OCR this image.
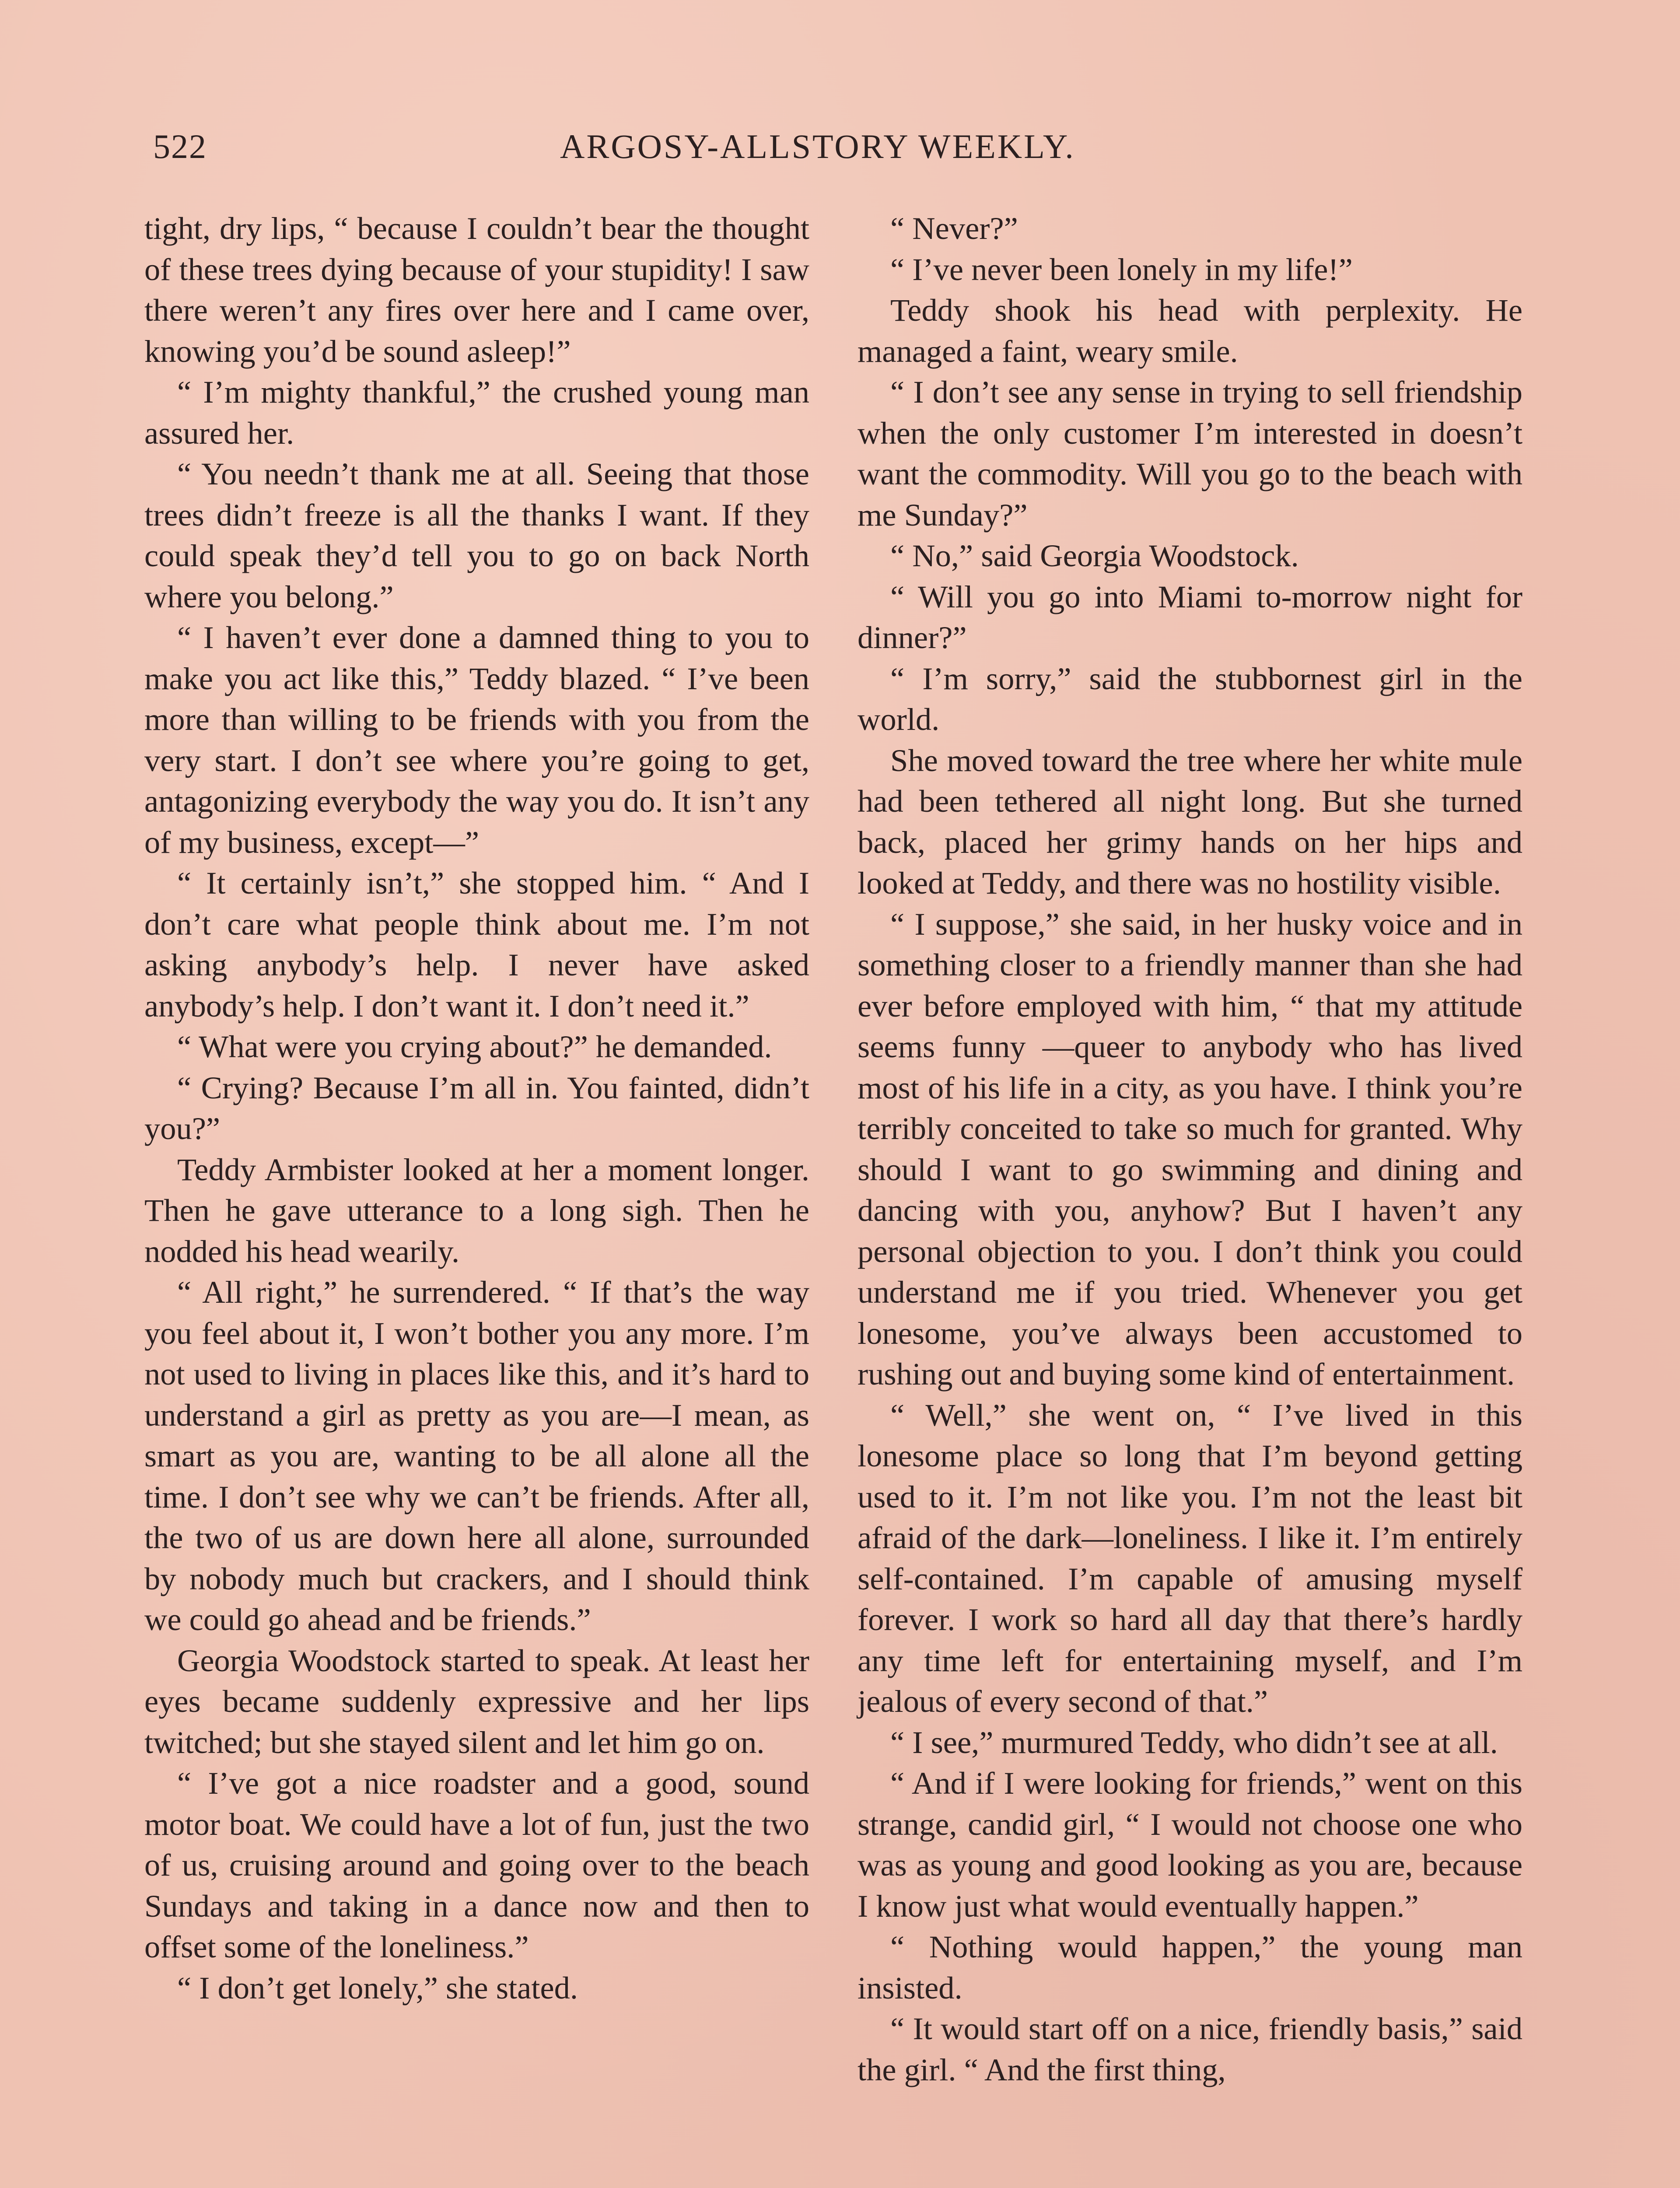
522	ARGOSY-ALLSTORY WEEKLY.

tight, dry lips, “ because I couldn’t bear the thought of these trees dying because of your stupidity! I saw there weren’t any fires over here and I came over, knowing you’d be sound asleep!”

“ I’m mighty thankful,” the crushed young man assured her.

“ You needn’t thank me at all. Seeing that those trees didn’t freeze is all the thanks I want. If they could speak they’d tell you to go on back North where you belong.”

“ I haven’t ever done a damned thing to you to make you act like this,” Teddy blazed. “ I’ve been more than willing to be friends with you from the very start. I don’t see where you’re going to get, antagonizing everybody the way you do. It isn’t any of my business, except—”

“ It certainly isn’t,” she stopped him. “ And I don’t care what people think about me. I’m not asking anybody’s help. I never have asked anybody’s help. I don’t want it. I don’t need it.”

“ What were you crying about?” he demanded.

“ Crying? Because I’m all in. You fainted, didn’t you?”

Teddy Armbister looked at her a moment longer. Then he gave utterance to a long sigh. Then he nodded his head wearily.

“ All right,” he surrendered. “ If that’s the way you feel about it, I won’t bother you any more. I’m not used to living in places like this, and it’s hard to understand a girl as pretty as you are—I mean, as smart as you are, wanting to be all alone all the time. I don’t see why we can’t be friends. After all, the two of us are down here all alone, surrounded by nobody much but crackers, and I should think we could go ahead and be friends.”

Georgia Woodstock started to speak. At least her eyes became suddenly expressive and her lips twitched; but she stayed silent and let him go on.

“ I’ve got a nice roadster and a good, sound motor boat. We could have a lot of fun, just the two of us, cruising around and going over to the beach Sundays and taking in a dance now and then to offset some of the loneliness.”

“ I don’t get lonely,” she stated.

“ Never?”

“ I’ve never been lonely in my life!”

Teddy shook his head with perplexity. He managed a faint, weary smile.

“ I don’t see any sense in trying to sell friendship when the only customer I’m interested in doesn’t want the commodity. Will you go to the beach with me Sunday?”

“ No,” said Georgia Woodstock.

“ Will you go into Miami to-morrow night for dinner?”

“ I’m sorry,” said the stubbornest girl in the world.

She moved toward the tree where her white mule had been tethered all night long. But she turned back, placed her grimy hands on her hips and looked at Teddy, and there was no hostility visible.

“ I suppose,” she said, in her husky voice and in something closer to a friendly manner than she had ever before employed with him, “ that my attitude seems funny —queer to anybody who has lived most of his life in a city, as you have. I think you’re terribly conceited to take so much for granted. Why should I want to go swimming and dining and dancing with you, anyhow? But I haven’t any personal objection to you. I don’t think you could understand me if you tried. Whenever you get lonesome, you’ve always been accustomed to rushing out and buying some kind of entertainment.

“ Well,” she went on, “ I’ve lived in this lonesome place so long that I’m beyond getting used to it. I’m not like you. I’m not the least bit afraid of the dark—loneliness. I like it. I’m entirely self-contained. I’m capable of amusing myself forever. I work so hard all day that there’s hardly any time left for entertaining myself, and I’m jealous of every second of that.”

“ I see,” murmured Teddy, who didn’t see at all.

“ And if I were looking for friends,” went on this strange, candid girl, “ I would not choose one who was as young and good looking as you are, because I know just what would eventually happen.”

“ Nothing would happen,” the young man insisted.

“ It would start off on a nice, friendly basis,” said the girl. “ And the first thing,
